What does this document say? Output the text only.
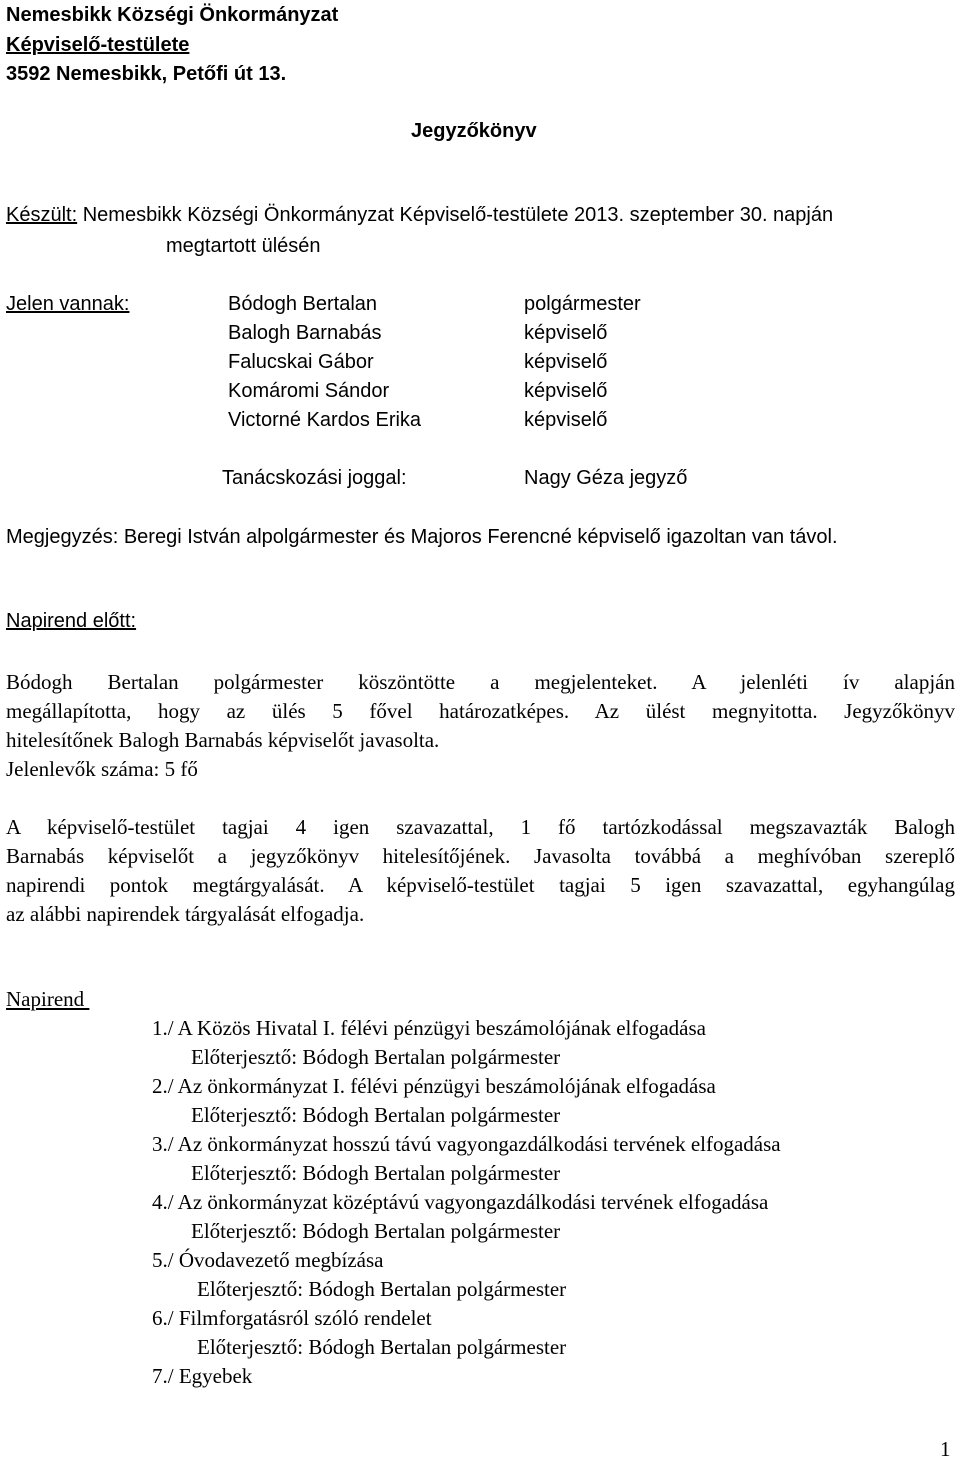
Nemesbikk Községi Önkormányzat
Képviselő-testülete
3592 Nemesbikk, Petőfi út 13.
Jegyzőkönyv
Készült: Nemesbikk Községi Önkormányzat Képviselő-testülete 2013. szeptember 30. napján
megtartott ülésén
Jelen vannak:	Bódogh Bertalan	polgármester
Balogh Barnabás	képviselő
Falucskai Gábor	képviselő
Komáromi Sándor	képviselő
Victorné Kardos Erika	képviselő
Tanácskozási joggal:	Nagy Géza jegyző
Megjegyzés: Beregi István alpolgármester és Majoros Ferencné képviselő igazoltan van távol.
Napirend előtt:
Bódogh Bertalan polgármester köszöntötte a megjelenteket. A jelenléti ív alapján
megállapította, hogy az ülés 5 fővel határozatképes. Az ülést megnyitotta. Jegyzőkönyv
hitelesítőnek Balogh Barnabás képviselőt javasolta.
Jelenlevők száma: 5 fő
A képviselő-testület tagjai 4 igen szavazattal, 1 fő tartózkodással megszavazták Balogh
Barnabás képviselőt a jegyzőkönyv hitelesítőjének. Javasolta továbbá a meghívóban szereplő
napirendi pontok megtárgyalását. A képviselő-testület tagjai 5 igen szavazattal, egyhangúlag
az alábbi napirendek tárgyalását elfogadja.
Napirend
1./ A Közös Hivatal I. félévi pénzügyi beszámolójának elfogadása
Előterjesztő: Bódogh Bertalan polgármester
2./ Az önkormányzat I. félévi pénzügyi beszámolójának elfogadása
Előterjesztő: Bódogh Bertalan polgármester
3./ Az önkormányzat hosszú távú vagyongazdálkodási tervének elfogadása
Előterjesztő: Bódogh Bertalan polgármester
4./ Az önkormányzat középtávú vagyongazdálkodási tervének elfogadása
Előterjesztő: Bódogh Bertalan polgármester
5./ Óvodavezető megbízása
Előterjesztő: Bódogh Bertalan polgármester
6./ Filmforgatásról szóló rendelet
Előterjesztő: Bódogh Bertalan polgármester
7./ Egyebek
1
